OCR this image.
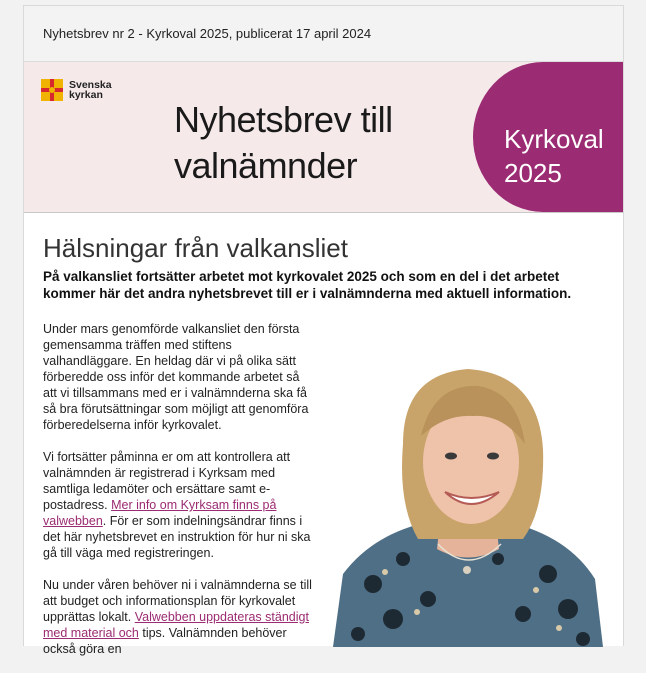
Nyhetsbrev nr 2 - Kyrkoval 2025, publicerat 17 april 2024
Svenska
kyrkan
Nyhetsbrev till
valnämnder
Kyrkoval
2025
Hälsningar från valkansliet

På valkansliet fortsätter arbetet mot kyrkovalet 2025 och som en del i det arbetet kommer här det andra nyhetsbrevet till er i valnämnderna med aktuell information.

Under mars genomförde valkansliet den första gemensamma träffen med stiftens valhandläggare. En heldag där vi på olika sätt förberedde oss inför det kommande arbetet så att vi tillsammans med er i valnämnderna ska få så bra förutsättningar som möjligt att genomföra förberedelserna inför kyrkovalet.

Vi fortsätter påminna er om att kontrollera att valnämnden är registrerad i Kyrksam med samtliga ledamöter och ersättare samt e-postadress. Mer info om Kyrksam finns på valwebben. För er som indelningsändrar finns i det här nyhetsbrevet en instruktion för hur ni ska gå till väga med registreringen.

Nu under våren behöver ni i valnämnderna se till att budget och informationsplan för kyrkovalet upprättas lokalt. Valwebben uppdateras ständigt med material och tips. Valnämnden behöver också göra en
